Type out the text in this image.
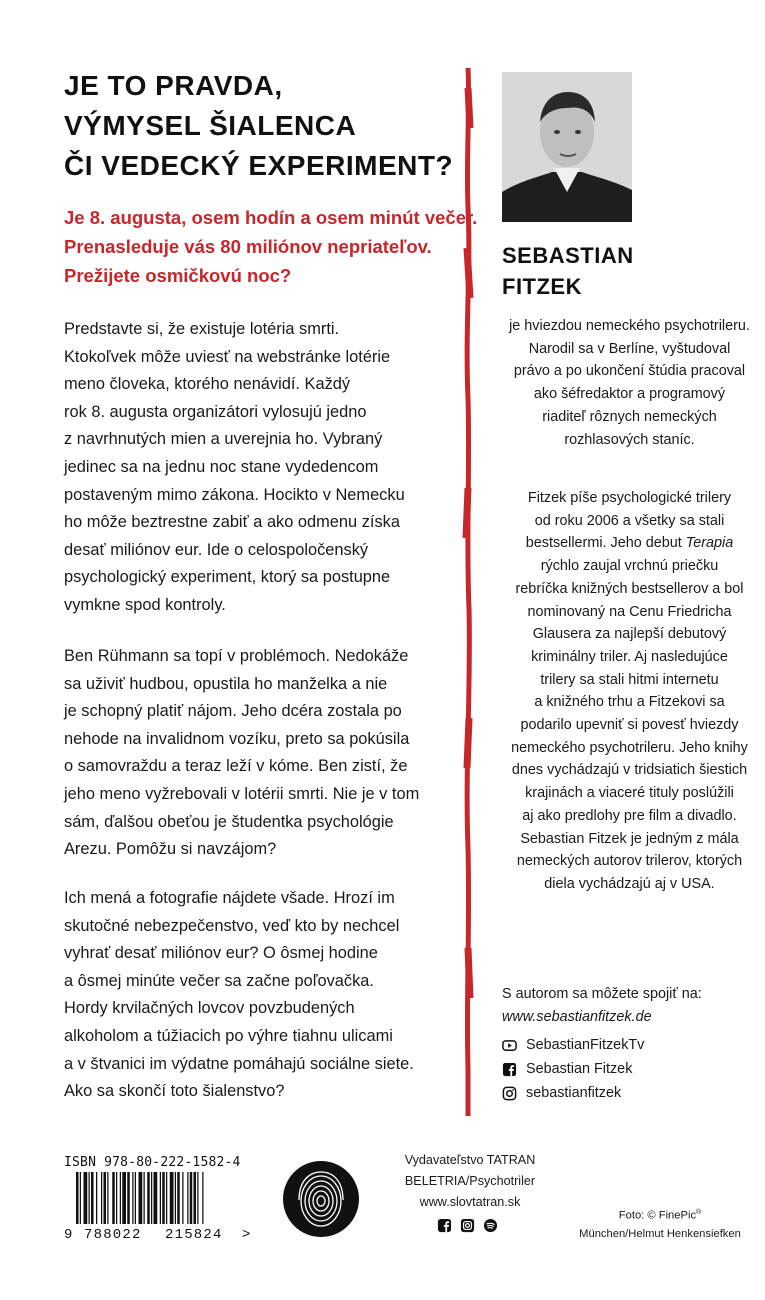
JE TO PRAVDA,
VÝMYSEL ŠIALENCA
ČI VEDECKÝ EXPERIMENT?
Je 8. augusta, osem hodín a osem minút večer.
Prenasleduje vás 80 miliónov nepriateľov.
Prežijete osmičkovú noc?
Predstavte si, že existuje lotéria smrti.
Ktokoľvek môže uviesť na webstránke lotérie
meno človeka, ktorého nenávidí. Každý
rok 8. augusta organizátori vylosujú jedno
z navrhnutých mien a uverejnia ho. Vybraný
jedinec sa na jednu noc stane vydedencom
postaveným mimo zákona. Hocikto v Nemecku
ho môže beztrestne zabiť a ako odmenu získa
desať miliónov eur. Ide o celospoločenský
psychologický experiment, ktorý sa postupne
vymkne spod kontroly.
Ben Rühmann sa topí v problémoch. Nedokáže
sa uživiť hudbou, opustila ho manželka a nie
je schopný platiť nájom. Jeho dcéra zostala po
nehode na invalidnom vozíku, preto sa pokúsila
o samovraždu a teraz leží v kóme. Ben zistí, že
jeho meno vyžrebovali v lotérii smrti. Nie je v tom
sám, ďalšou obeťou je študentka psychológie
Arezu. Pomôžu si navzájom?
Ich mená a fotografie nájdete všade. Hrozí im
skutočné nebezpečenstvo, veď kto by nechcel
vyhrať desať miliónov eur? O ôsmej hodine
a ôsmej minúte večer sa začne poľovačka.
Hordy krvilačných lovcov povzbudených
alkoholom a túžiacich po výhre tiahnu ulicami
a v štvanici im výdatne pomáhajú sociálne siete.
Ako sa skončí toto šialenstvo?
SEBASTIAN
FITZEK
je hviezdou nemeckého psychotrileru.
Narodil sa v Berlíne, vyštudoval
právo a po ukončení štúdia pracoval
ako šéfredaktor a programový
riaditeľ rôznych nemeckých
rozhlasových staníc.
Fitzek píše psychologické trilery
od roku 2006 a všetky sa stali
bestsellermi. Jeho debut Terapia
rýchlo zaujal vrchnú priečku
rebríčka knižných bestsellerov a bol
nominovaný na Cenu Friedricha
Glausera za najlepší debutový
kriminálny triler. Aj nasledujúce
trilery sa stali hitmi internetu
a knižného trhu a Fitzekovi sa
podarilo upevniť si povesť hviezdy
nemeckého psychotrileru. Jeho knihy
dnes vychádzajú v tridsiatich šiestich
krajinách a viaceré tituly poslúžili
aj ako predlohy pre film a divadlo.
Sebastian Fitzek je jedným z mála
nemeckých autorov trilerov, ktorých
diela vychádzajú aj v USA.
S autorom sa môžete spojiť na:
www.sebastianfitzek.de
SebastianFitzekTv
Sebastian Fitzek
sebastianfitzek
ISBN 978-80-222-1582-4
9 788022 215824 >
Vydavateľstvo TATRAN
BELETRIA/Psychotriler
www.slovtatran.sk
Foto: © FinePic®
München/Helmut Henkensiefken
